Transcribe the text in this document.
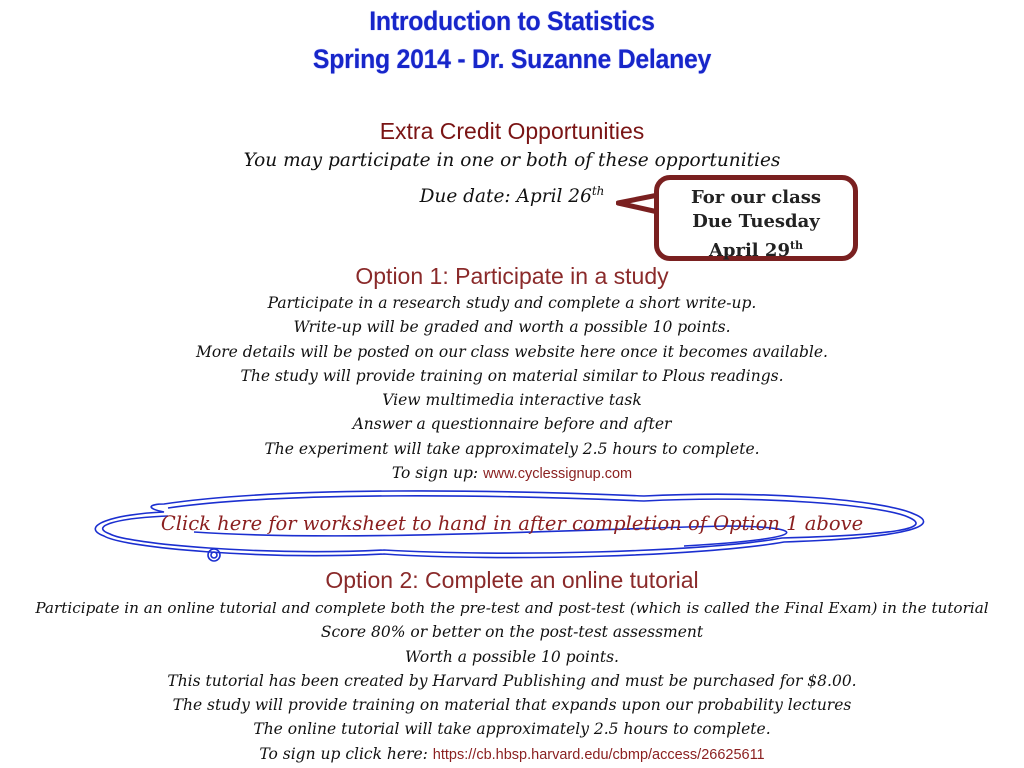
Introduction to Statistics
Spring 2014 - Dr. Suzanne Delaney
Extra Credit Opportunities
You may participate in one or both of these opportunities
Due date: April 26th	For our class
Due Tuesday
April 29th
Option 1: Participate in a study
Participate in a research study and complete a short write-up.
Write-up will be graded and worth a possible 10 points.
More details will be posted on our class website here once it becomes available.
The study will provide training on material similar to Plous readings.
View multimedia interactive task
Answer a questionnaire before and after
The experiment will take approximately 2.5 hours to complete.
To sign up: www.cyclessignup.com
Click here for worksheet to hand in after completion of Option 1 above
Option 2: Complete an online tutorial
Participate in an online tutorial and complete both the pre-test and post-test (which is called the Final Exam) in the tutorial
Score 80% or better on the post-test assessment
Worth a possible 10 points.
This tutorial has been created by Harvard Publishing and must be purchased for $8.00.
The study will provide training on material that expands upon our probability lectures
The online tutorial will take approximately 2.5 hours to complete.
To sign up click here: https://cb.hbsp.harvard.edu/cbmp/access/26625611
